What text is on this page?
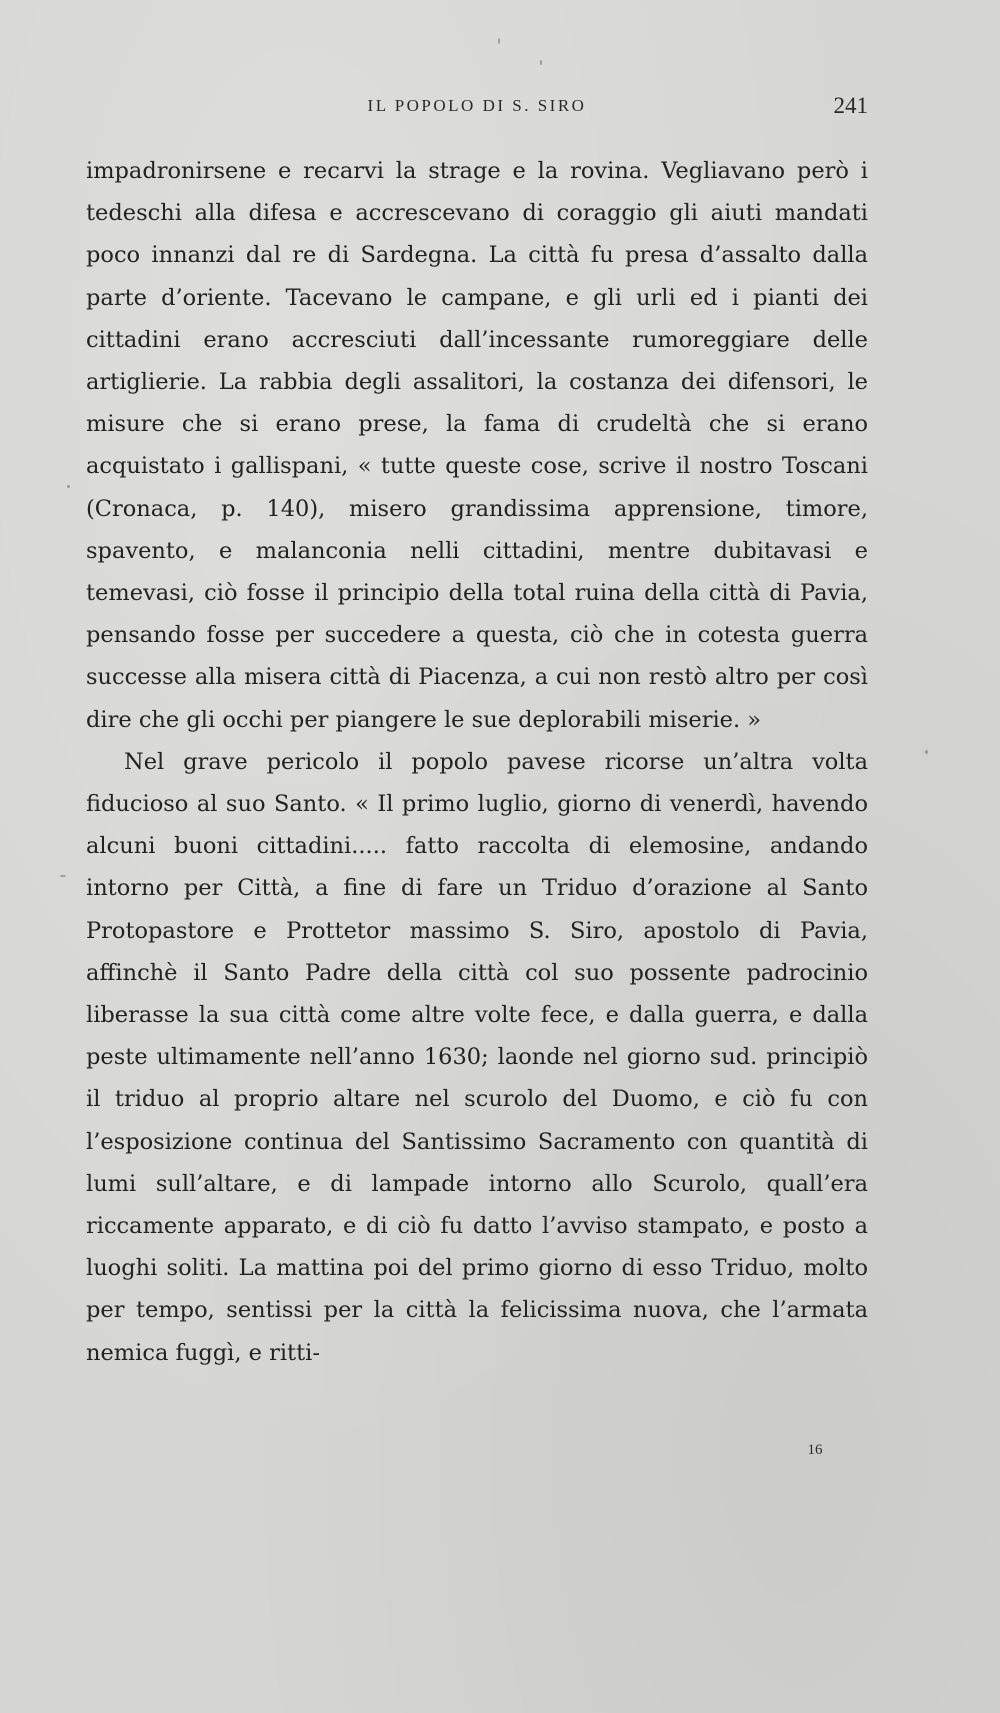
IL POPOLO DI S. SIRO	241

impadronirsene e recarvi la strage e la rovina. Vegliavano però i tedeschi alla difesa e accrescevano di coraggio gli aiuti mandati poco innanzi dal re di Sardegna. La città fu presa d’assalto dalla parte d’oriente. Tacevano le campane, e gli urli ed i pianti dei cittadini erano accresciuti dall’incessante rumoreggiare delle artiglierie. La rabbia degli assalitori, la costanza dei difensori, le misure che si erano prese, la fama di crudeltà che si erano acquistato i gallispani, « tutte queste cose, scrive il nostro Toscani (Cronaca, p. 140), misero grandissima apprensione, timore, spavento, e malanconia nelli cittadini, mentre dubitavasi e temevasi, ciò fosse il principio della total ruina della città di Pavia, pensando fosse per succedere a questa, ciò che in cotesta guerra successe alla misera città di Piacenza, a cui non restò altro per così dire che gli occhi per piangere le sue deplorabili miserie. »

Nel grave pericolo il popolo pavese ricorse un’altra volta fiducioso al suo Santo. « Il primo luglio, giorno di venerdì, havendo alcuni buoni cittadini..... fatto raccolta di elemosine, andando intorno per Città, a fine di fare un Triduo d’orazione al Santo Protopastore e Prottetor massimo S. Siro, apostolo di Pavia, affinchè il Santo Padre della città col suo possente padrocinio liberasse la sua città come altre volte fece, e dalla guerra, e dalla peste ultimamente nell’anno 1630; laonde nel giorno sud. principiò il triduo al proprio altare nel scurolo del Duomo, e ciò fu con l’esposizione continua del Santissimo Sacramento con quantità di lumi sull’altare, e di lampade intorno allo Scurolo, quall’era riccamente apparato, e di ciò fu datto l’avviso stampato, e posto a luoghi soliti. La mattina poi del primo giorno di esso Triduo, molto per tempo, sentissi per la città la felicissima nuova, che l’armata nemica fuggì, e ritti-

16
